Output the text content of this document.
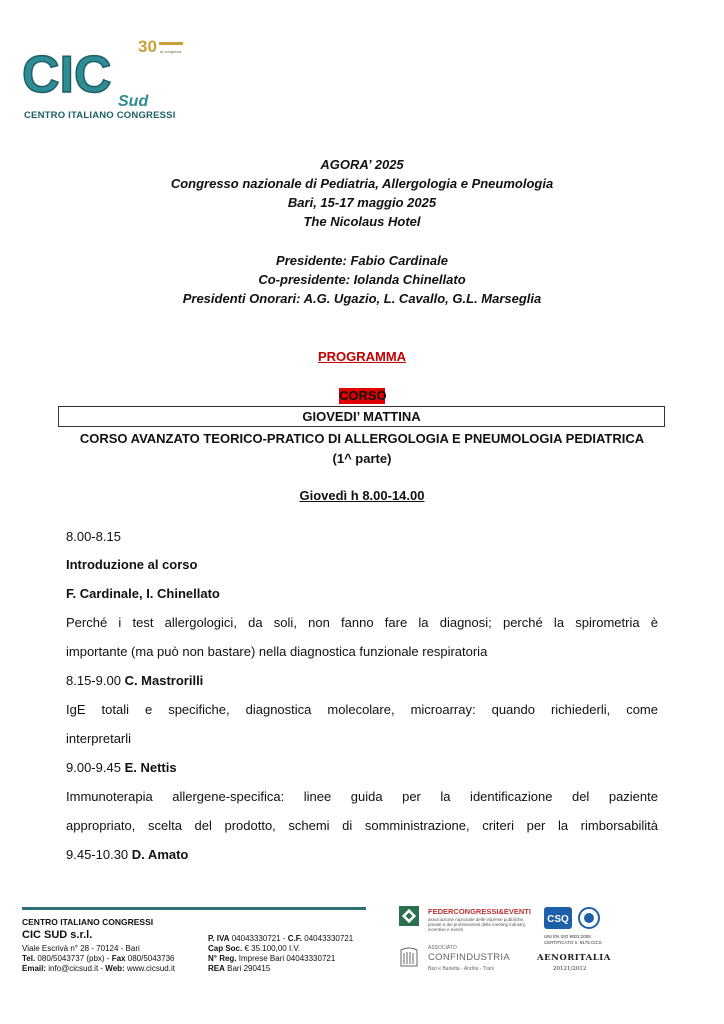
CIC Sud
30 di congressi
CENTRO ITALIANO CONGRESSI
AGORA’ 2025
Congresso nazionale di Pediatria, Allergologia e Pneumologia
Bari, 15-17 maggio 2025
The Nicolaus Hotel
Presidente: Fabio Cardinale
Co-presidente: Iolanda Chinellato
Presidenti Onorari: A.G. Ugazio, L. Cavallo, G.L. Marseglia
PROGRAMMA
CORSO
GIOVEDI’ MATTINA
CORSO AVANZATO TEORICO-PRATICO DI ALLERGOLOGIA E PNEUMOLOGIA PEDIATRICA
(1^ parte)
Giovedì h 8.00-14.00
8.00-8.15
Introduzione al corso
F. Cardinale, I. Chinellato
Perché i test allergologici, da soli, non fanno fare la diagnosi; perché la spirometria è
importante (ma può non bastare) nella diagnostica funzionale respiratoria
8.15-9.00 C. Mastrorilli
IgE totali e specifiche, diagnostica molecolare, microarray: quando richiederli, come
interpretarli
9.00-9.45 E. Nettis
Immunoterapia allergene-specifica: linee guida per la identificazione del paziente
appropriato, scelta del prodotto, schemi di somministrazione, criteri per la rimborsabilità
9.45-10.30 D. Amato
CENTRO ITALIANO CONGRESSI
CIC SUD s.r.l.
Viale Escrivà n° 28 - 70124 - Bari
Tel. 080/5043737 (pbx) - Fax 080/5043736
Email: info@cicsud.it - Web: www.cicsud.it
P. IVA 04043330721 - C.F. 04043330721
Cap Soc. € 35.100,00 I.V.
N° Reg. Imprese Bari 04043330721
REA Bari 290415
FEDERCONGRESSI&EVENTI
associazione nazionale delle imprese pubbliche, private e dei professionisti della meeting industry, incentive e eventi
ASSOCIATO
CONFINDUSTRIA
Bari e Barletta - Andria - Trani
CSQ
UNI EN ISO 9001:2008
CERTIFICATO n. 9175.CICS
AENORITALIA
20121/2012
